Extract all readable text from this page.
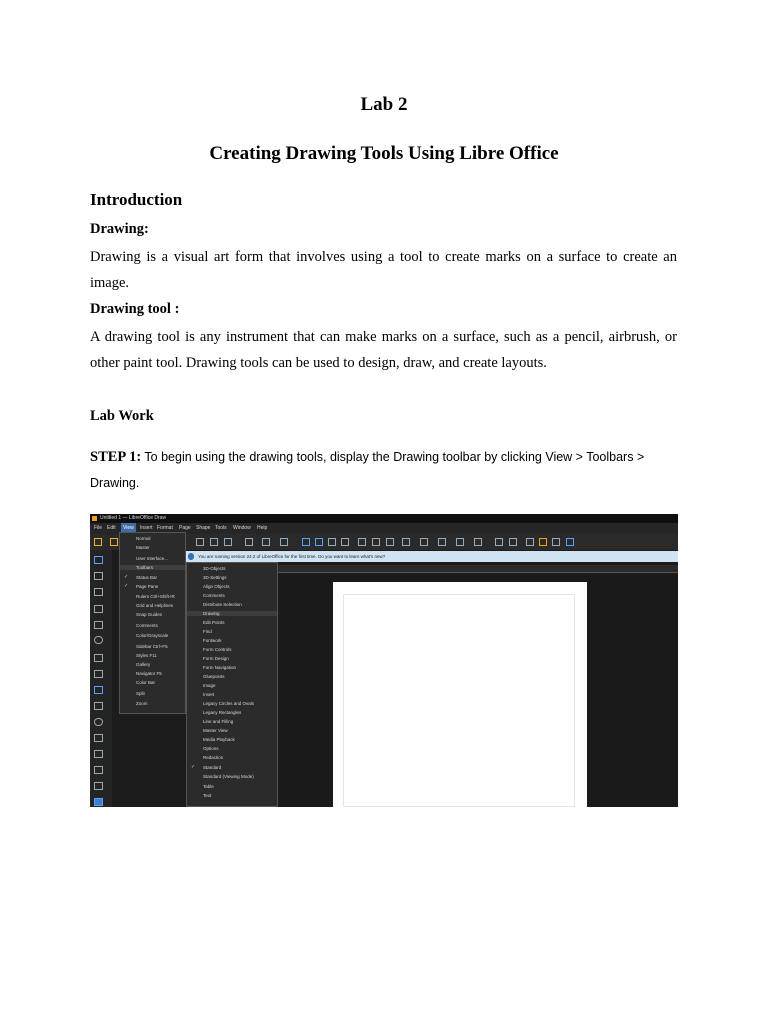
Lab 2
Creating Drawing Tools Using Libre Office
Introduction
Drawing:
Drawing is a visual art form that involves using a tool to create marks on a surface to create an image.
Drawing tool :
A drawing tool is any instrument that can make marks on a surface, such as a pencil, airbrush, or other paint tool. Drawing tools can be used to design, draw, and create layouts.
Lab Work
STEP 1: To begin using the drawing tools, display the Drawing toolbar by clicking View > Toolbars > Drawing.
Untitled 1 — LibreOffice Draw
File Edit	View	Insert Format Page Shape Tools Window Help
You are running version 24.2 of LibreOffice for the first time. Do you want to learn what's new?
Normal
Master
User Interface...
Toolbars
✓ Status Bar
✓ Page Pane
Rulers Ctrl+Shift+R
Grid and Helplines
Snap Guides
Comments
Color/Grayscale
Sidebar Ctrl+F5
Styles F11
Gallery
Navigator F5
Color Bar
Split
Zoom
3D-Objects
3D-Settings
Align Objects
Comments
Distribute Selection
Drawing
Edit Points
Find
Fontwork
Form Controls
Form Design
Form Navigation
Gluepoints
Image
Insert
Legacy Circles and Ovals
Legacy Rectangles
Line and Filling
Master View
Media Playback
Options
Redaction
✓ Standard
Standard (Viewing Mode)
Table
Text
